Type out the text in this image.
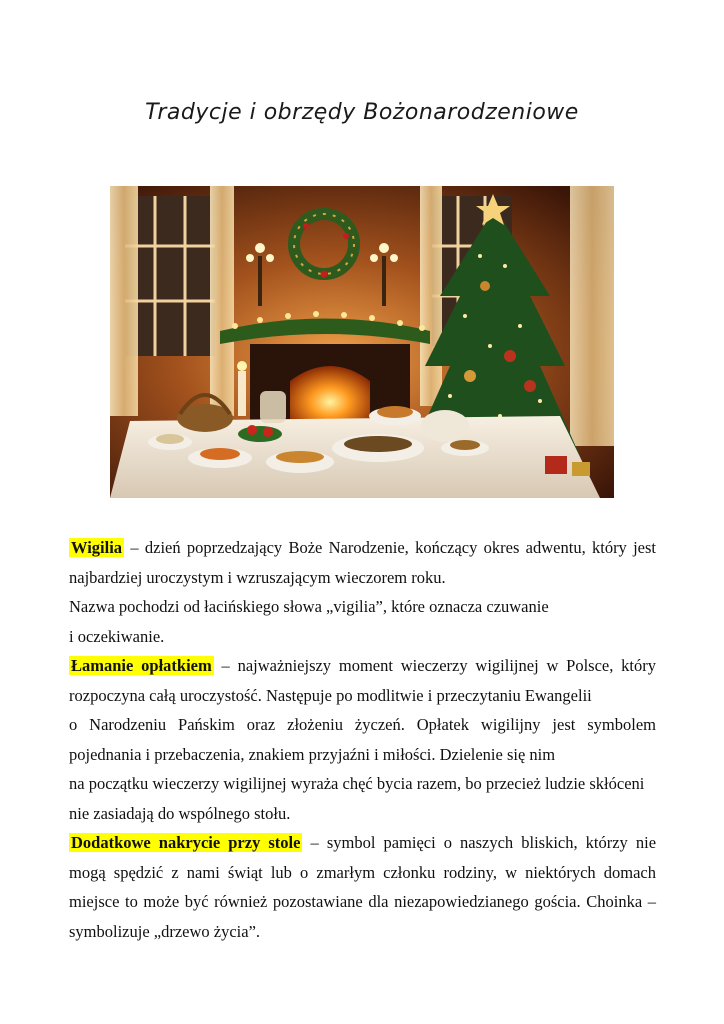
Tradycje i obrzędy Bożonarodzeniowe
Wigilia – dzień poprzedzający Boże Narodzenie, kończący okres adwentu, który jest
najbardziej uroczystym i wzruszającym wieczorem roku.
Nazwa pochodzi od łacińskiego słowa „vigilia”, które oznacza czuwanie
i oczekiwanie.
Łamanie opłatkiem – najważniejszy moment wieczerzy wigilijnej w Polsce, który
rozpoczyna całą uroczystość. Następuje po modlitwie i przeczytaniu Ewangelii
o Narodzeniu Pańskim oraz złożeniu życzeń. Opłatek wigilijny jest symbolem
pojednania i przebaczenia, znakiem przyjaźni i miłości. Dzielenie się nim
na początku wieczerzy wigilijnej wyraża chęć bycia razem, bo przecież ludzie skłóceni
nie zasiadają do wspólnego stołu.
Dodatkowe nakrycie przy stole – symbol pamięci o naszych bliskich, którzy nie
mogą spędzić z nami świąt lub o zmarłym członku rodziny, w niektórych domach
miejsce to może być również pozostawiane dla niezapowiedzianego gościa. Choinka –
symbolizuje „drzewo życia”.
